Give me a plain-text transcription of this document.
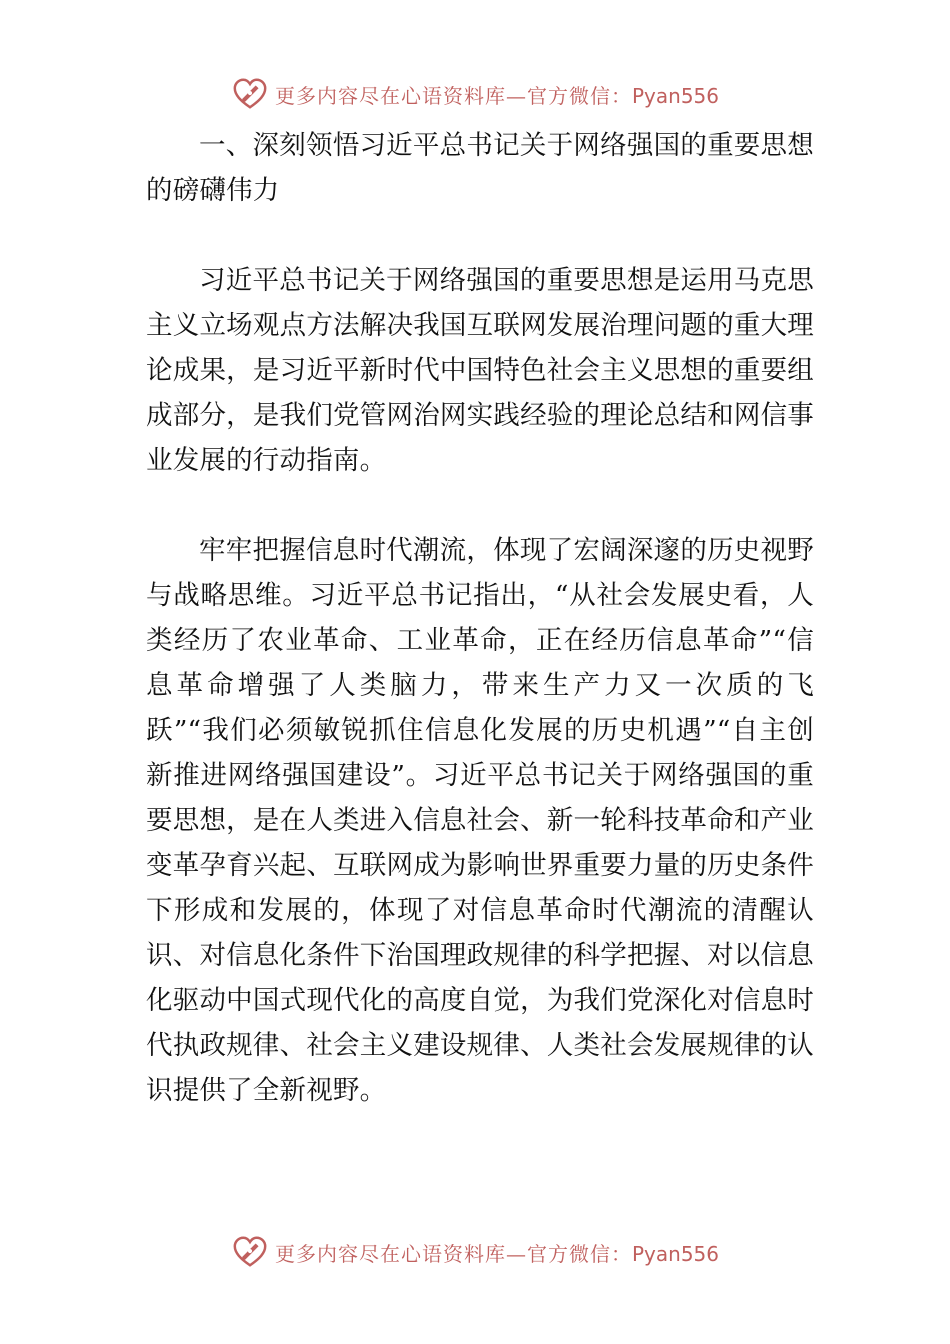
更多内容尽在心语资料库—官方微信：Pyan556

一、深刻领悟习近平总书记关于网络强国的重要思想的磅礴伟力

习近平总书记关于网络强国的重要思想是运用马克思主义立场观点方法解决我国互联网发展治理问题的重大理论成果，是习近平新时代中国特色社会主义思想的重要组成部分，是我们党管网治网实践经验的理论总结和网信事业发展的行动指南。

牢牢把握信息时代潮流，体现了宏阔深邃的历史视野与战略思维。习近平总书记指出，“从社会发展史看，人类经历了农业革命、工业革命，正在经历信息革命”“信息革命增强了人类脑力，带来生产力又一次质的飞跃”“我们必须敏锐抓住信息化发展的历史机遇”“自主创新推进网络强国建设”。习近平总书记关于网络强国的重要思想，是在人类进入信息社会、新一轮科技革命和产业变革孕育兴起、互联网成为影响世界重要力量的历史条件下形成和发展的，体现了对信息革命时代潮流的清醒认识、对信息化条件下治国理政规律的科学把握、对以信息化驱动中国式现代化的高度自觉，为我们党深化对信息时代执政规律、社会主义建设规律、人类社会发展规律的认识提供了全新视野。

更多内容尽在心语资料库—官方微信：Pyan556
